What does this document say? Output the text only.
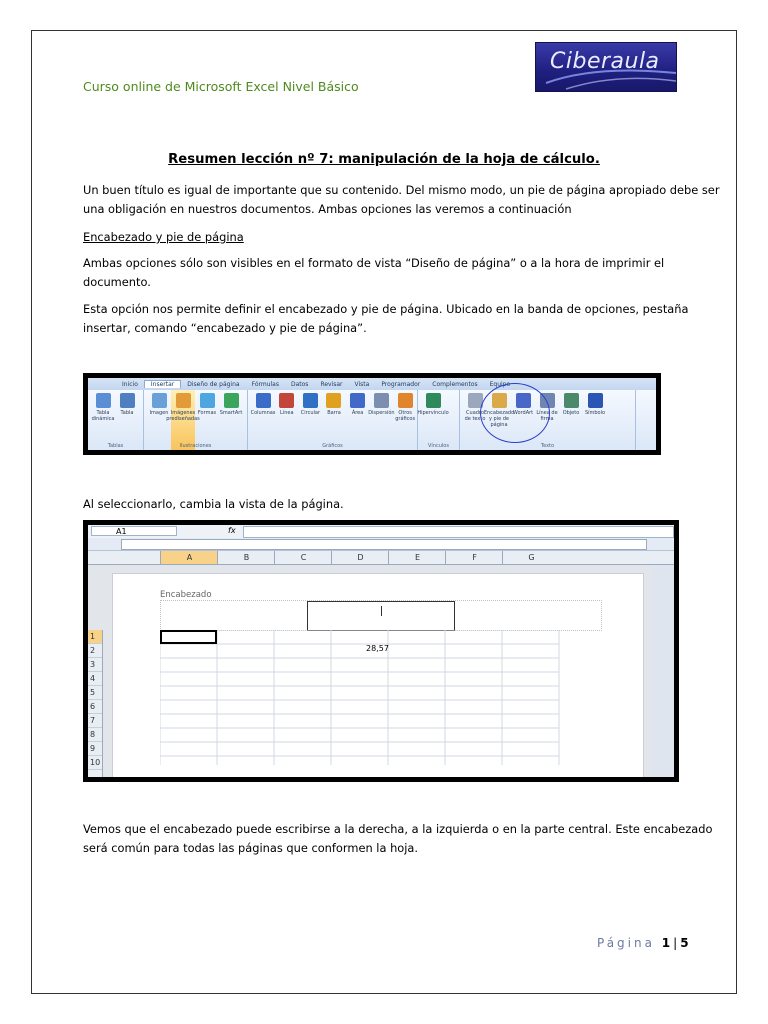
Curso online de Microsoft Excel Nivel Básico
Ciberaula
Resumen lección nº 7: manipulación de la hoja de cálculo.
Un buen título es igual de importante que su contenido. Del mismo modo, un pie de página apropiado debe ser una obligación en nuestros documentos. Ambas opciones las veremos a continuación
Encabezado y pie de página
Ambas opciones sólo son visibles en el formato de vista “Diseño de página” o a la hora de imprimir el documento.
Esta opción nos permite definir el encabezado y pie de página. Ubicado en la banda de opciones, pestaña insertar, comando “encabezado y pie de página”.
Inicio	Insertar	Diseño de página	Fórmulas	Datos	Revisar	Vista	Programador	Complementos	Equipo
Tabla dinámica
Tabla
Tablas
Imagen Imágenes prediseñadas
Formas SmartArt
Ilustraciones
Columnas Línea Circular Barra Área Dispersión Otros gráficos
Gráficos
Hipervínculo
Vínculos
Cuadro de texto
Encabezado y pie de página
WordArt Línea de firma
Objeto Símbolo
Texto
Al seleccionarlo, cambia la vista de la página.
A1	fx
A	B	C	D	E	F	G
Encabezado
28,57
1
2
3
4
5
6
7
8
9
10
Vemos que el encabezado puede escribirse a la derecha, a la izquierda o en la parte central. Este encabezado será común para todas las páginas que conformen la hoja.
Página 1 | 5
